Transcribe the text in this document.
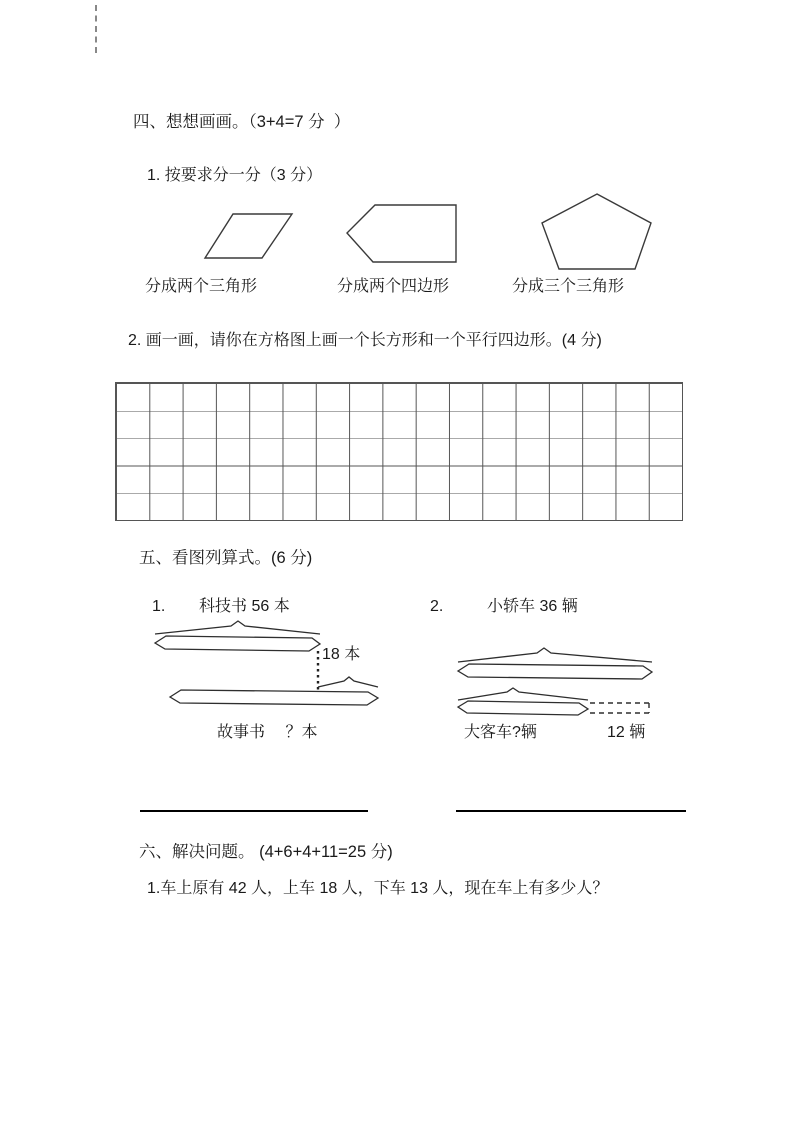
四、想想画画。（3+4=7 分  ）
1. 按要求分一分（3 分）
分成两个三角形	分成两个四边形	分成三个三角形
2. 画一画，请你在方格图上画一个长方形和一个平行四边形。(4 分)
五、看图列算式。(6 分)
1. 科技书 56 本	2.	小轿车 36 辆
18 本
故事书　 ？本	大客车?辆	12 辆
六、解决问题。 (4+6+4+11=25 分)
1.车上原有 42 人，上车 18 人，下车 13 人，现在车上有多少人？
